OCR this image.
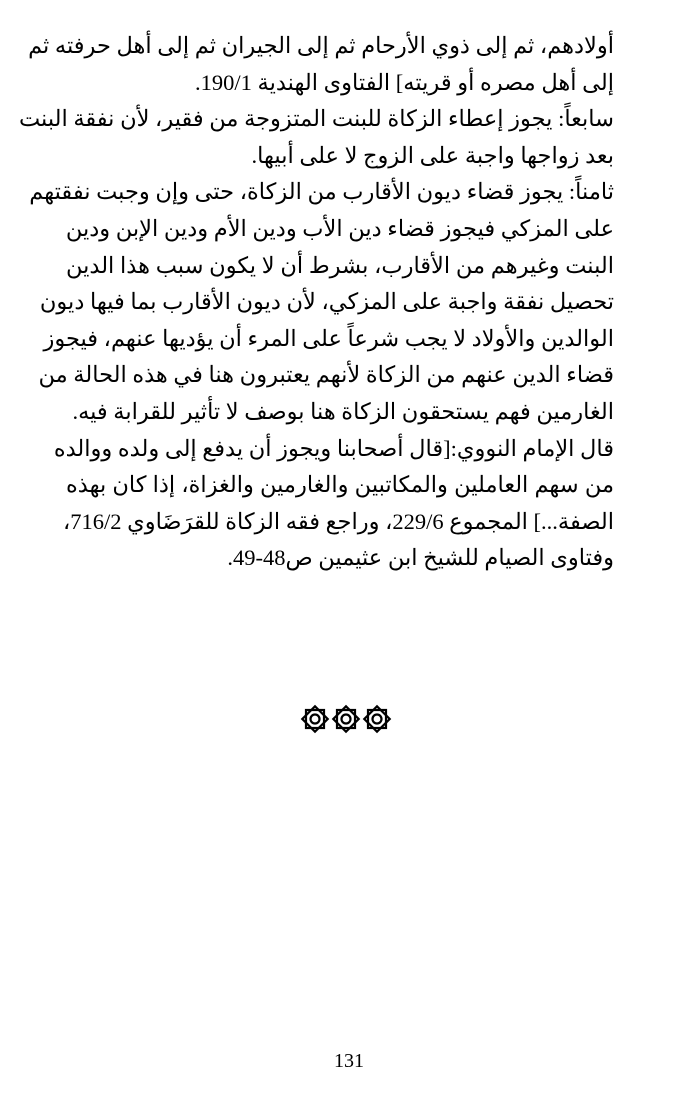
أولادهم، ثم إلى ذوي الأرحام ثم إلى الجيران ثم إلى أهل حرفته ثم
إلى أهل مصره أو قريته] الفتاوى الهندية 190/1.
سابعاً: يجوز إعطاء الزكاة للبنت المتزوجة من فقير، لأن نفقة البنت
بعد زواجها واجبة على الزوج لا على أبيها.
ثامناً: يجوز قضاء ديون الأقارب من الزكاة، حتى وإن وجبت نفقتهم
على المزكي فيجوز قضاء دين الأب ودين الأم ودين الإبن ودين
البنت وغيرهم من الأقارب، بشرط أن لا يكون سبب هذا الدين
تحصيل نفقة واجبة على المزكي، لأن ديون الأقارب بما فيها ديون
الوالدين والأولاد لا يجب شرعاً على المرء أن يؤديها عنهم، فيجوز
قضاء الدين عنهم من الزكاة لأنهم يعتبرون هنا في هذه الحالة من
الغارمين فهم يستحقون الزكاة هنا بوصف لا تأثير للقرابة فيه.
قال الإمام النووي:[قال أصحابنا ويجوز أن يدفع إلى ولده ووالده
من سهم العاملين والمكاتبين والغارمين والغزاة، إذا كان بهذه
الصفة...] المجموع 229/6، وراجع فقه الزكاة للقرَضَاوي 716/2،
وفتاوى الصيام للشيخ ابن عثيمين ص48-49.
131
